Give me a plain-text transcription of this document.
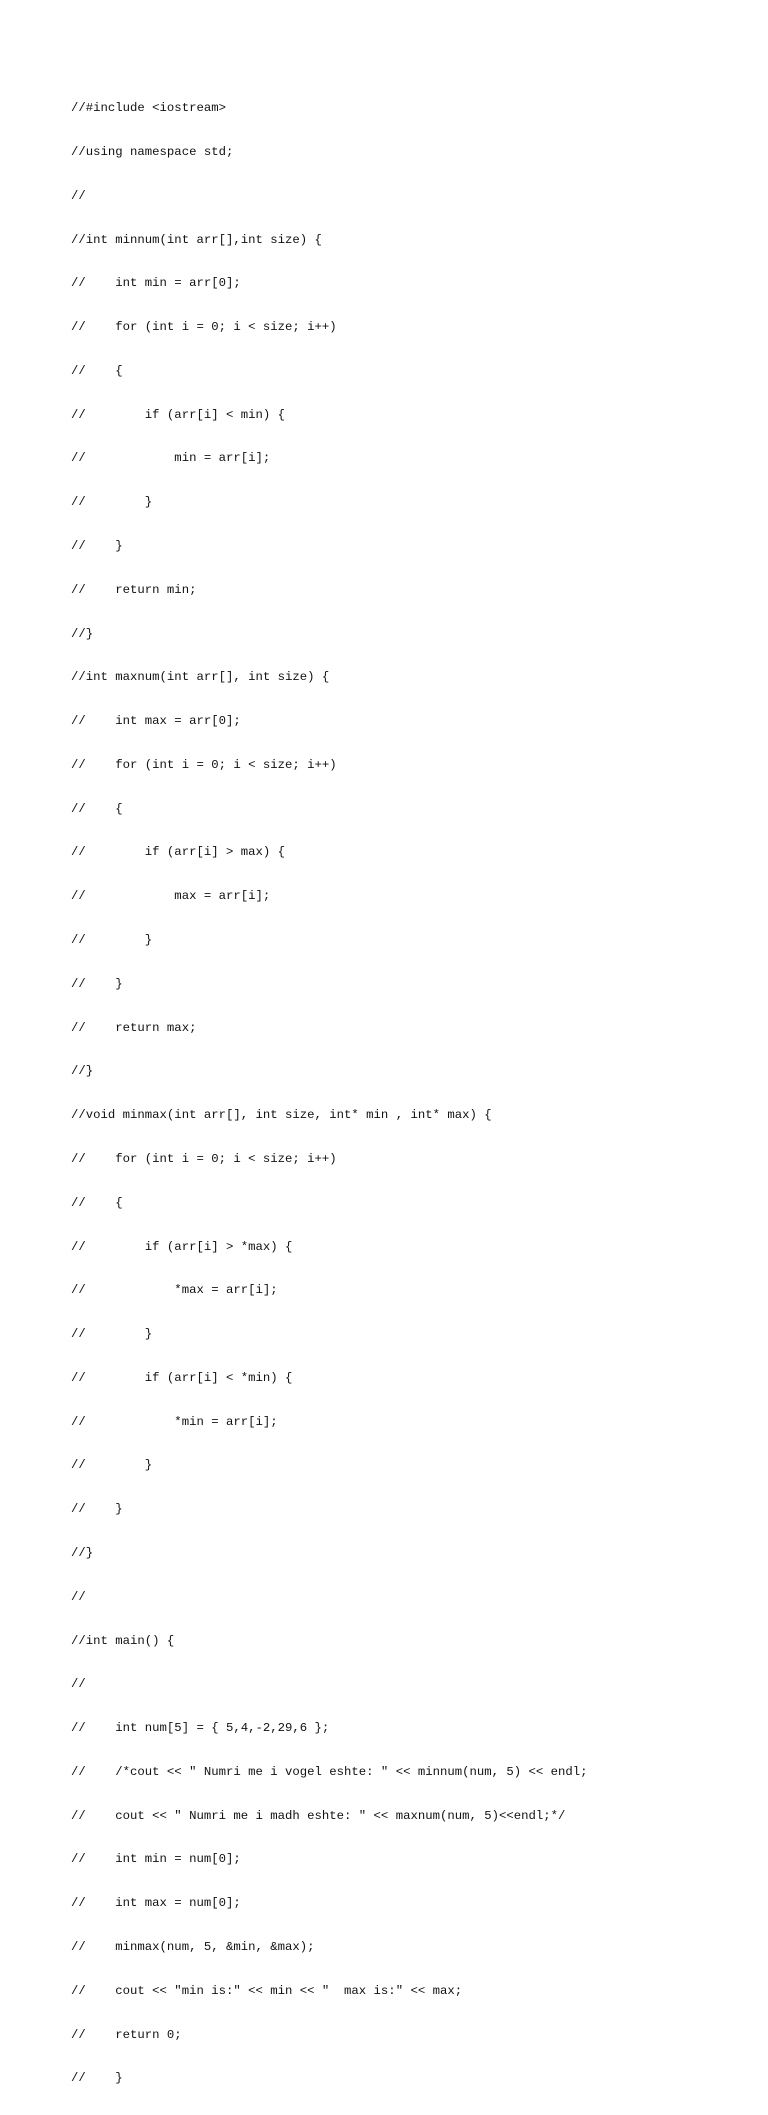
//#include <iostream>

//using namespace std;

//

//int minnum(int arr[],int size) {

//    int min = arr[0];

//    for (int i = 0; i < size; i++)

//    {

//        if (arr[i] < min) {

//            min = arr[i];

//        }

//    }

//    return min;

//}

//int maxnum(int arr[], int size) {

//    int max = arr[0];

//    for (int i = 0; i < size; i++)

//    {

//        if (arr[i] > max) {

//            max = arr[i];

//        }

//    }

//    return max;

//}

//void minmax(int arr[], int size, int* min , int* max) {

//    for (int i = 0; i < size; i++)

//    {

//        if (arr[i] > *max) {

//            *max = arr[i];

//        }

//        if (arr[i] < *min) {

//            *min = arr[i];

//        }

//    }

//}

//

//int main() {

//

//    int num[5] = { 5,4,-2,29,6 };

//    /*cout << " Numri me i vogel eshte: " << minnum(num, 5) << endl;

//    cout << " Numri me i madh eshte: " << maxnum(num, 5)<<endl;*/

//    int min = num[0];

//    int max = num[0];

//    minmax(num, 5, &min, &max);

//    cout << "min is:" << min << "  max is:" << max;

//    return 0;

//    }
